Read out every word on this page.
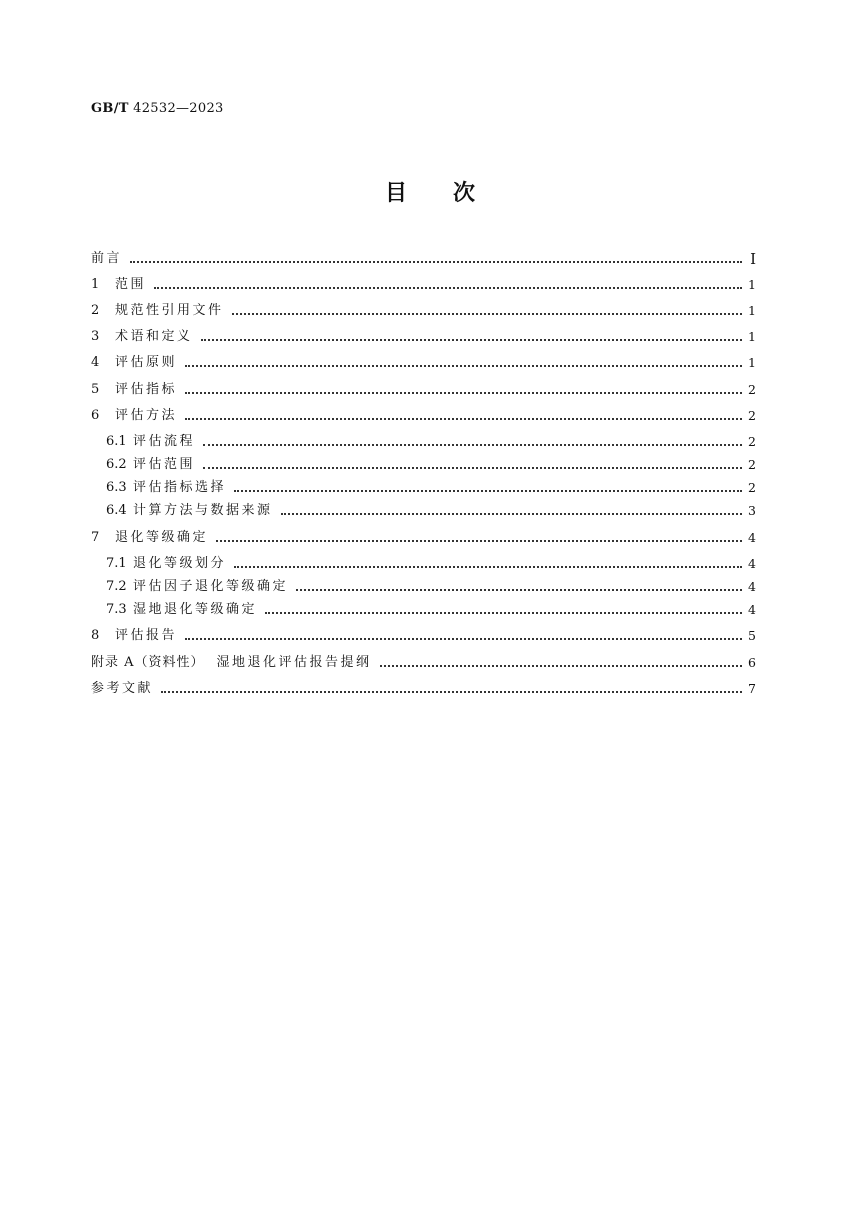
GB/T 42532—2023
目 次
前言	I
1	范围	1
2	规范性引用文件	1
3	术语和定义	1
4	评估原则	1
5	评估指标	2
6	评估方法	2
6.1 评估流程	2
6.2 评估范围	2
6.3 评估指标选择	2
6.4 计算方法与数据来源	3
7	退化等级确定	4
7.1 退化等级划分	4
7.2 评估因子退化等级确定	4
7.3 湿地退化等级确定	4
8	评估报告	5
附录 A（资料性） 湿地退化评估报告提纲	6
参考文献	7
